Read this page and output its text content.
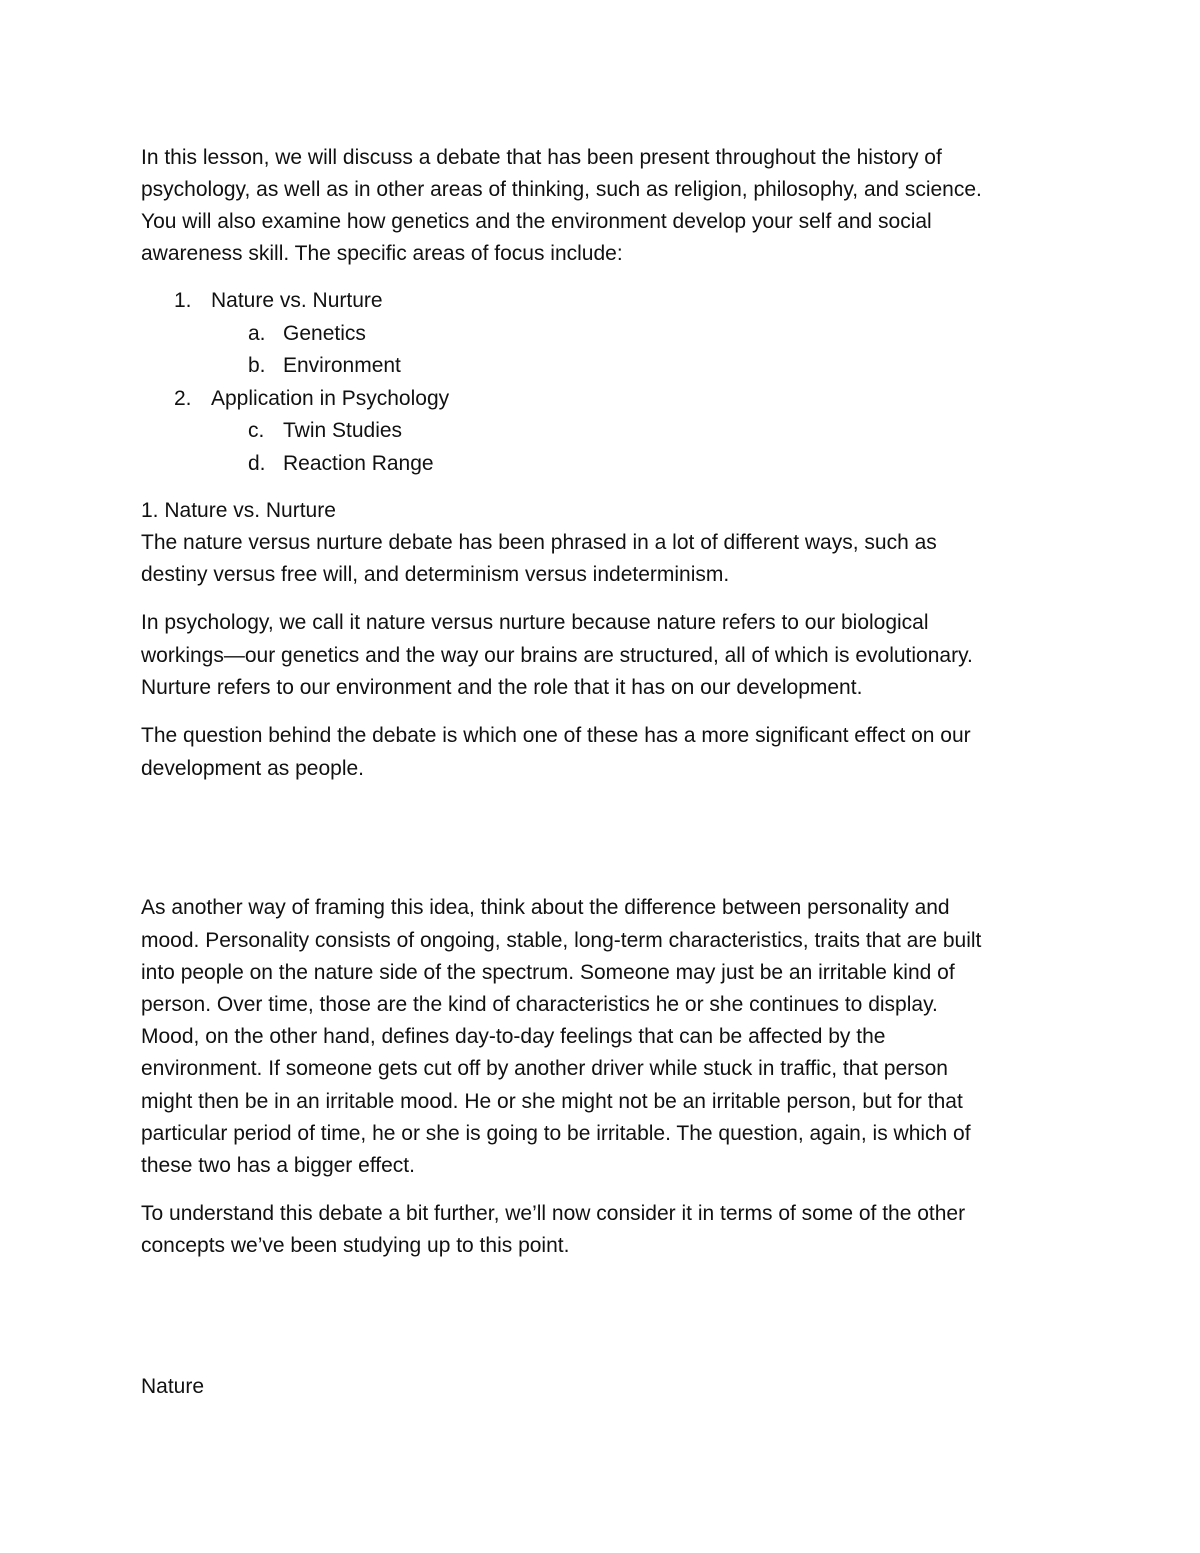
In this lesson, we will discuss a debate that has been present throughout the history of
psychology, as well as in other areas of thinking, such as religion, philosophy, and science.
You will also examine how genetics and the environment develop your self and social
awareness skill. The specific areas of focus include:
1. Nature vs. Nurture
a. Genetics
b. Environment
2. Application in Psychology
c. Twin Studies
d. Reaction Range
1. Nature vs. Nurture
The nature versus nurture debate has been phrased in a lot of different ways, such as
destiny versus free will, and determinism versus indeterminism.
In psychology, we call it nature versus nurture because nature refers to our biological
workings—our genetics and the way our brains are structured, all of which is evolutionary.
Nurture refers to our environment and the role that it has on our development.
The question behind the debate is which one of these has a more significant effect on our
development as people.
As another way of framing this idea, think about the difference between personality and
mood. Personality consists of ongoing, stable, long-term characteristics, traits that are built
into people on the nature side of the spectrum. Someone may just be an irritable kind of
person. Over time, those are the kind of characteristics he or she continues to display.
Mood, on the other hand, defines day-to-day feelings that can be affected by the
environment. If someone gets cut off by another driver while stuck in traffic, that person
might then be in an irritable mood. He or she might not be an irritable person, but for that
particular period of time, he or she is going to be irritable. The question, again, is which of
these two has a bigger effect.
To understand this debate a bit further, we’ll now consider it in terms of some of the other
concepts we’ve been studying up to this point.
Nature
